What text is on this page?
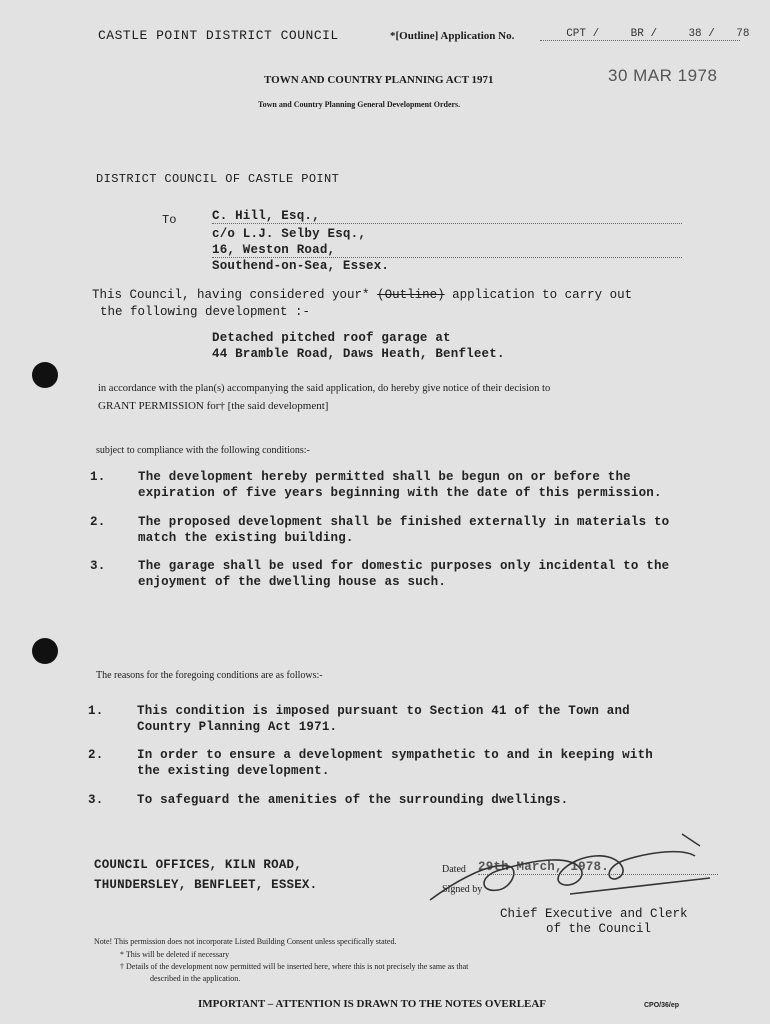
CASTLE POINT DISTRICT COUNCIL	*[Outline] Application No.	CPT /	BR /	38 / 78
30 MAR 1978
TOWN AND COUNTRY PLANNING ACT 1971
Town and Country Planning General Development Orders.
DISTRICT COUNCIL OF CASTLE POINT
To	C. Hill, Esq.,
c/o L.J. Selby Esq.,
16, Weston Road,
Southend-on-Sea, Essex.
This Council, having considered your* (Outline) application to carry out
the following development :-
Detached pitched roof garage at
44 Bramble Road, Daws Heath, Benfleet.
in accordance with the plan(s) accompanying the said application, do hereby give notice of their decision to
GRANT PERMISSION for† [the said development]
subject to compliance with the following conditions:-
1.	The development hereby permitted shall be begun on or before the
expiration of five years beginning with the date of this permission.
2.	The proposed development shall be finished externally in materials to
match the existing building.
3.	The garage shall be used for domestic purposes only incidental to the
enjoyment of the dwelling house as such.
The reasons for the foregoing conditions are as follows:-
1.	This condition is imposed pursuant to Section 41 of the Town and
Country Planning Act 1971.
2.	In order to ensure a development sympathetic to and in keeping with
the existing development.
3.	To safeguard the amenities of the surrounding dwellings.
COUNCIL OFFICES, KILN ROAD,
THUNDERSLEY, BENFLEET, ESSEX.
Dated 29th March, 1978.
Signed by
Chief Executive and Clerk
of the Council
Note! This permission does not incorporate Listed Building Consent unless specifically stated.
* This will be deleted if necessary
† Details of the development now permitted will be inserted here, where this is not precisely the same as that
described in the application.
IMPORTANT – ATTENTION IS DRAWN TO THE NOTES OVERLEAF	CPO/36/ep
